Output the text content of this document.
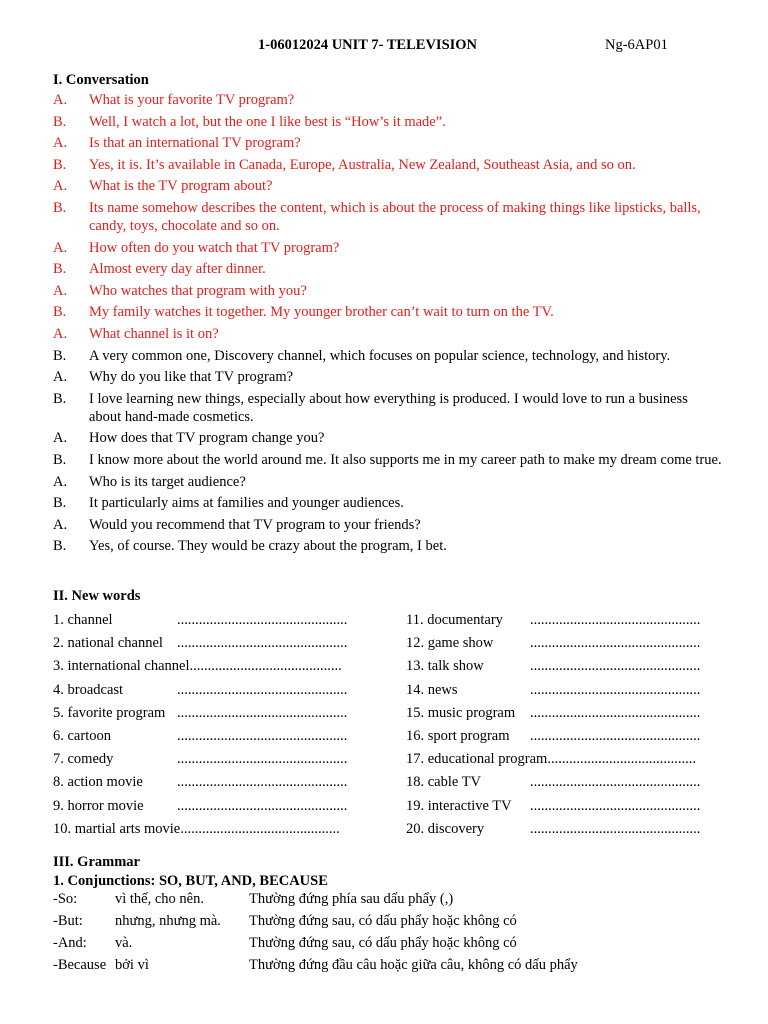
1-06012024 UNIT 7- TELEVISION	Ng-6AP01
I. Conversation
A.	What is your favorite TV program?
B.	Well, I watch a lot, but the one I like best is “How’s it made”.
A.	Is that an international TV program?
B.	Yes, it is. It’s available in Canada, Europe, Australia, New Zealand, Southeast Asia, and so on.
A.	What is the TV program about?
B.	Its name somehow describes the content, which is about the process of making things like lipsticks, balls, candy, toys, chocolate and so on.
A.	How often do you watch that TV program?
B.	Almost every day after dinner.
A.	Who watches that program with you?
B.	My family watches it together. My younger brother can’t wait to turn on the TV.
A.	What channel is it on?
B.	A very common one, Discovery channel, which focuses on popular science, technology, and history.
A.	Why do you like that TV program?
B.	I love learning new things, especially about how everything is produced. I would love to run a business about hand-made cosmetics.
A.	How does that TV program change you?
B.	I know more about the world around me. It also supports me in my career path to make my dream come true.
A.	Who is its target audience?
B.	It particularly aims at families and younger audiences.
A.	Would you recommend that TV program to your friends?
B.	Yes, of course. They would be crazy about the program, I bet.
II. New words
1. channel	...............................................
2. national channel ...............................................
3. international channel..........................................
4. broadcast	...............................................
5. favorite program ...............................................
6. cartoon	...............................................
7. comedy	...............................................
8. action movie ...............................................
9. horror movie ...............................................
10. martial arts movie............................................
11. documentary ...............................................
12. game show	...............................................
13. talk show	...............................................
14. news	...............................................
15. music program ...............................................
16. sport program ...............................................
17. educational program.........................................
18. cable TV	...............................................
19. interactive TV ...............................................
20. discovery	...............................................
III. Grammar
1. Conjunctions: SO, BUT, AND, BECAUSE
-So:	vì thế, cho nên.	Thường đứng phía sau dấu phẩy (,)
-But: nhưng, nhưng mà. Thường đứng sau, có dấu phẩy hoặc không có
-And: và.	Thường đứng sau, có dấu phẩy hoặc không có
-Because bởi vì	Thường đứng đầu câu hoặc giữa câu, không có dấu phẩy
